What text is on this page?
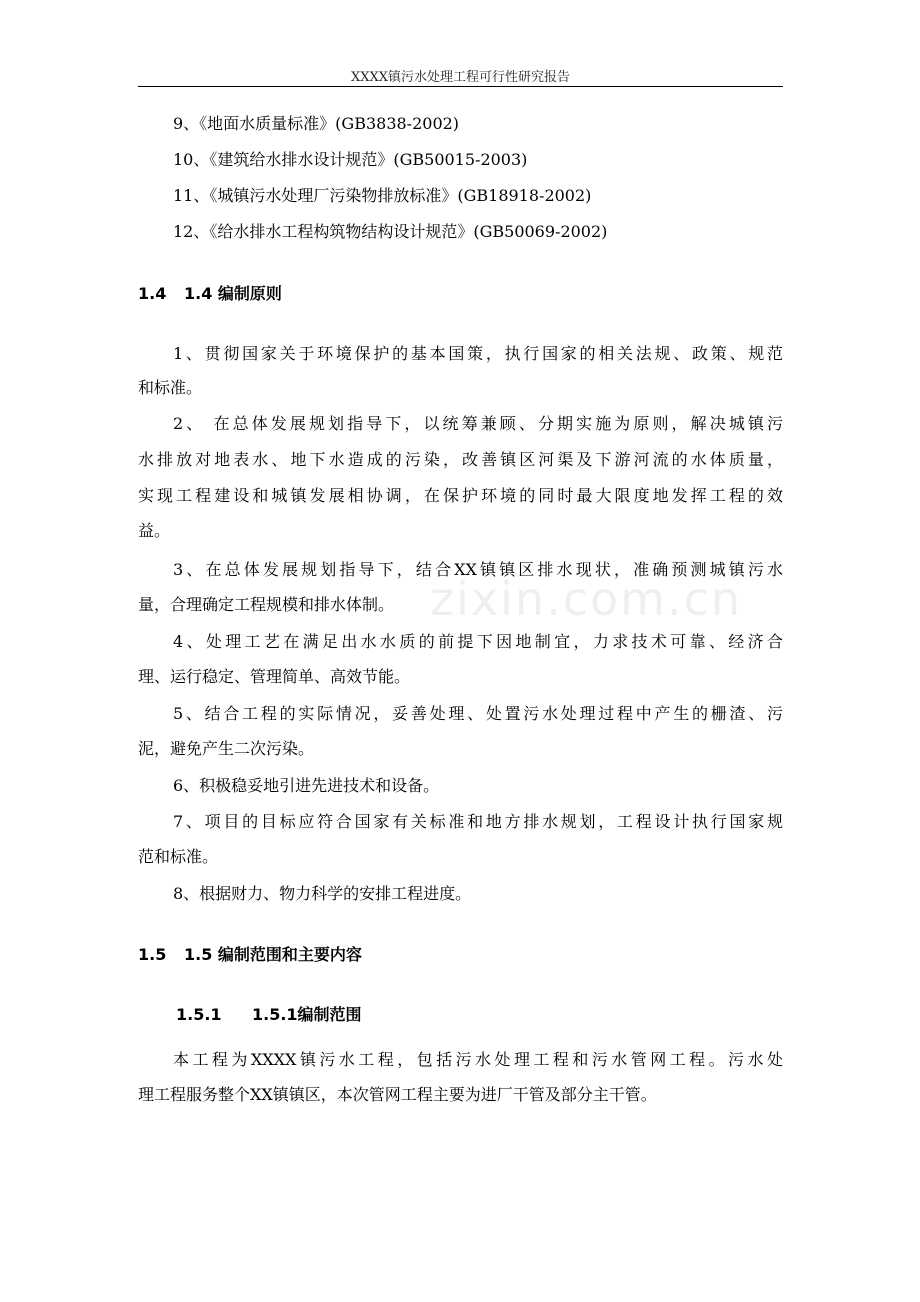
XXXX镇污水处理工程可行性研究报告
9、《地面水质量标准》(GB3838-2002)
10、《建筑给水排水设计规范》(GB50015-2003)
11、《城镇污水处理厂污染物排放标准》(GB18918-2002)
12、《给水排水工程构筑物结构设计规范》(GB50069-2002)
1.4 1.4 编制原则
1、贯彻国家关于环境保护的基本国策，执行国家的相关法规、政策、规范
和标准。
2、 在总体发展规划指导下，以统筹兼顾、分期实施为原则，解决城镇污
水排放对地表水、地下水造成的污染，改善镇区河渠及下游河流的水体质量，
实现工程建设和城镇发展相协调，在保护环境的同时最大限度地发挥工程的效
益。
3、在总体发展规划指导下，结合XX镇镇区排水现状，准确预测城镇污水
量，合理确定工程规模和排水体制。
4、处理工艺在满足出水水质的前提下因地制宜，力求技术可靠、经济合
理、运行稳定、管理简单、高效节能。
5、结合工程的实际情况，妥善处理、处置污水处理过程中产生的栅渣、污
泥，避免产生二次污染。
6、积极稳妥地引进先进技术和设备。
7、项目的目标应符合国家有关标准和地方排水规划，工程设计执行国家规
范和标准。
8、根据财力、物力科学的安排工程进度。
1.5 1.5 编制范围和主要内容
1.5.1 1.5.1编制范围
本工程为XXXX镇污水工程，包括污水处理工程和污水管网工程。污水处
理工程服务整个XX镇镇区，本次管网工程主要为进厂干管及部分主干管。
zixin.com.cn
